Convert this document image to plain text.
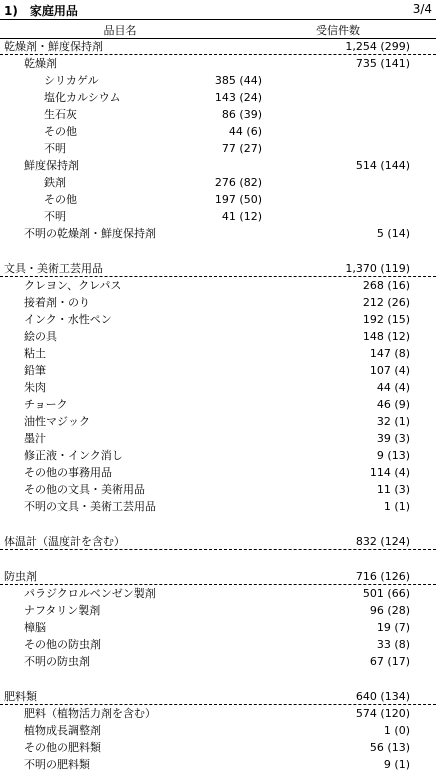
1)　家庭用品	3/4
品目名	受信件数
乾燥剤・鮮度保持剤	1,254 (299)
乾燥剤	735 (141)
シリカゲル	385 (44)
塩化カルシウム	143 (24)
生石灰	86 (39)
その他	44 (6)
不明	77 (27)
鮮度保持剤	514 (144)
鉄剤	276 (82)
その他	197 (50)
不明	41 (12)
不明の乾燥剤・鮮度保持剤	5 (14)
文具・美術工芸用品	1,370 (119)
クレヨン、クレパス	268 (16)
接着剤・のり	212 (26)
インク・水性ペン	192 (15)
絵の具	148 (12)
粘土	147 (8)
鉛筆	107 (4)
朱肉	44 (4)
チョーク	46 (9)
油性マジック	32 (1)
墨汁	39 (3)
修正液・インク消し	9 (13)
その他の事務用品	114 (4)
その他の文具・美術用品	11 (3)
不明の文具・美術工芸用品	1 (1)
体温計（温度計を含む）	832 (124)
防虫剤	716 (126)
パラジクロルベンゼン製剤	501 (66)
ナフタリン製剤	96 (28)
樟脳	19 (7)
その他の防虫剤	33 (8)
不明の防虫剤	67 (17)
肥料類	640 (134)
肥料（植物活力剤を含む）	574 (120)
植物成長調整剤	1 (0)
その他の肥料類	56 (13)
不明の肥料類	9 (1)
